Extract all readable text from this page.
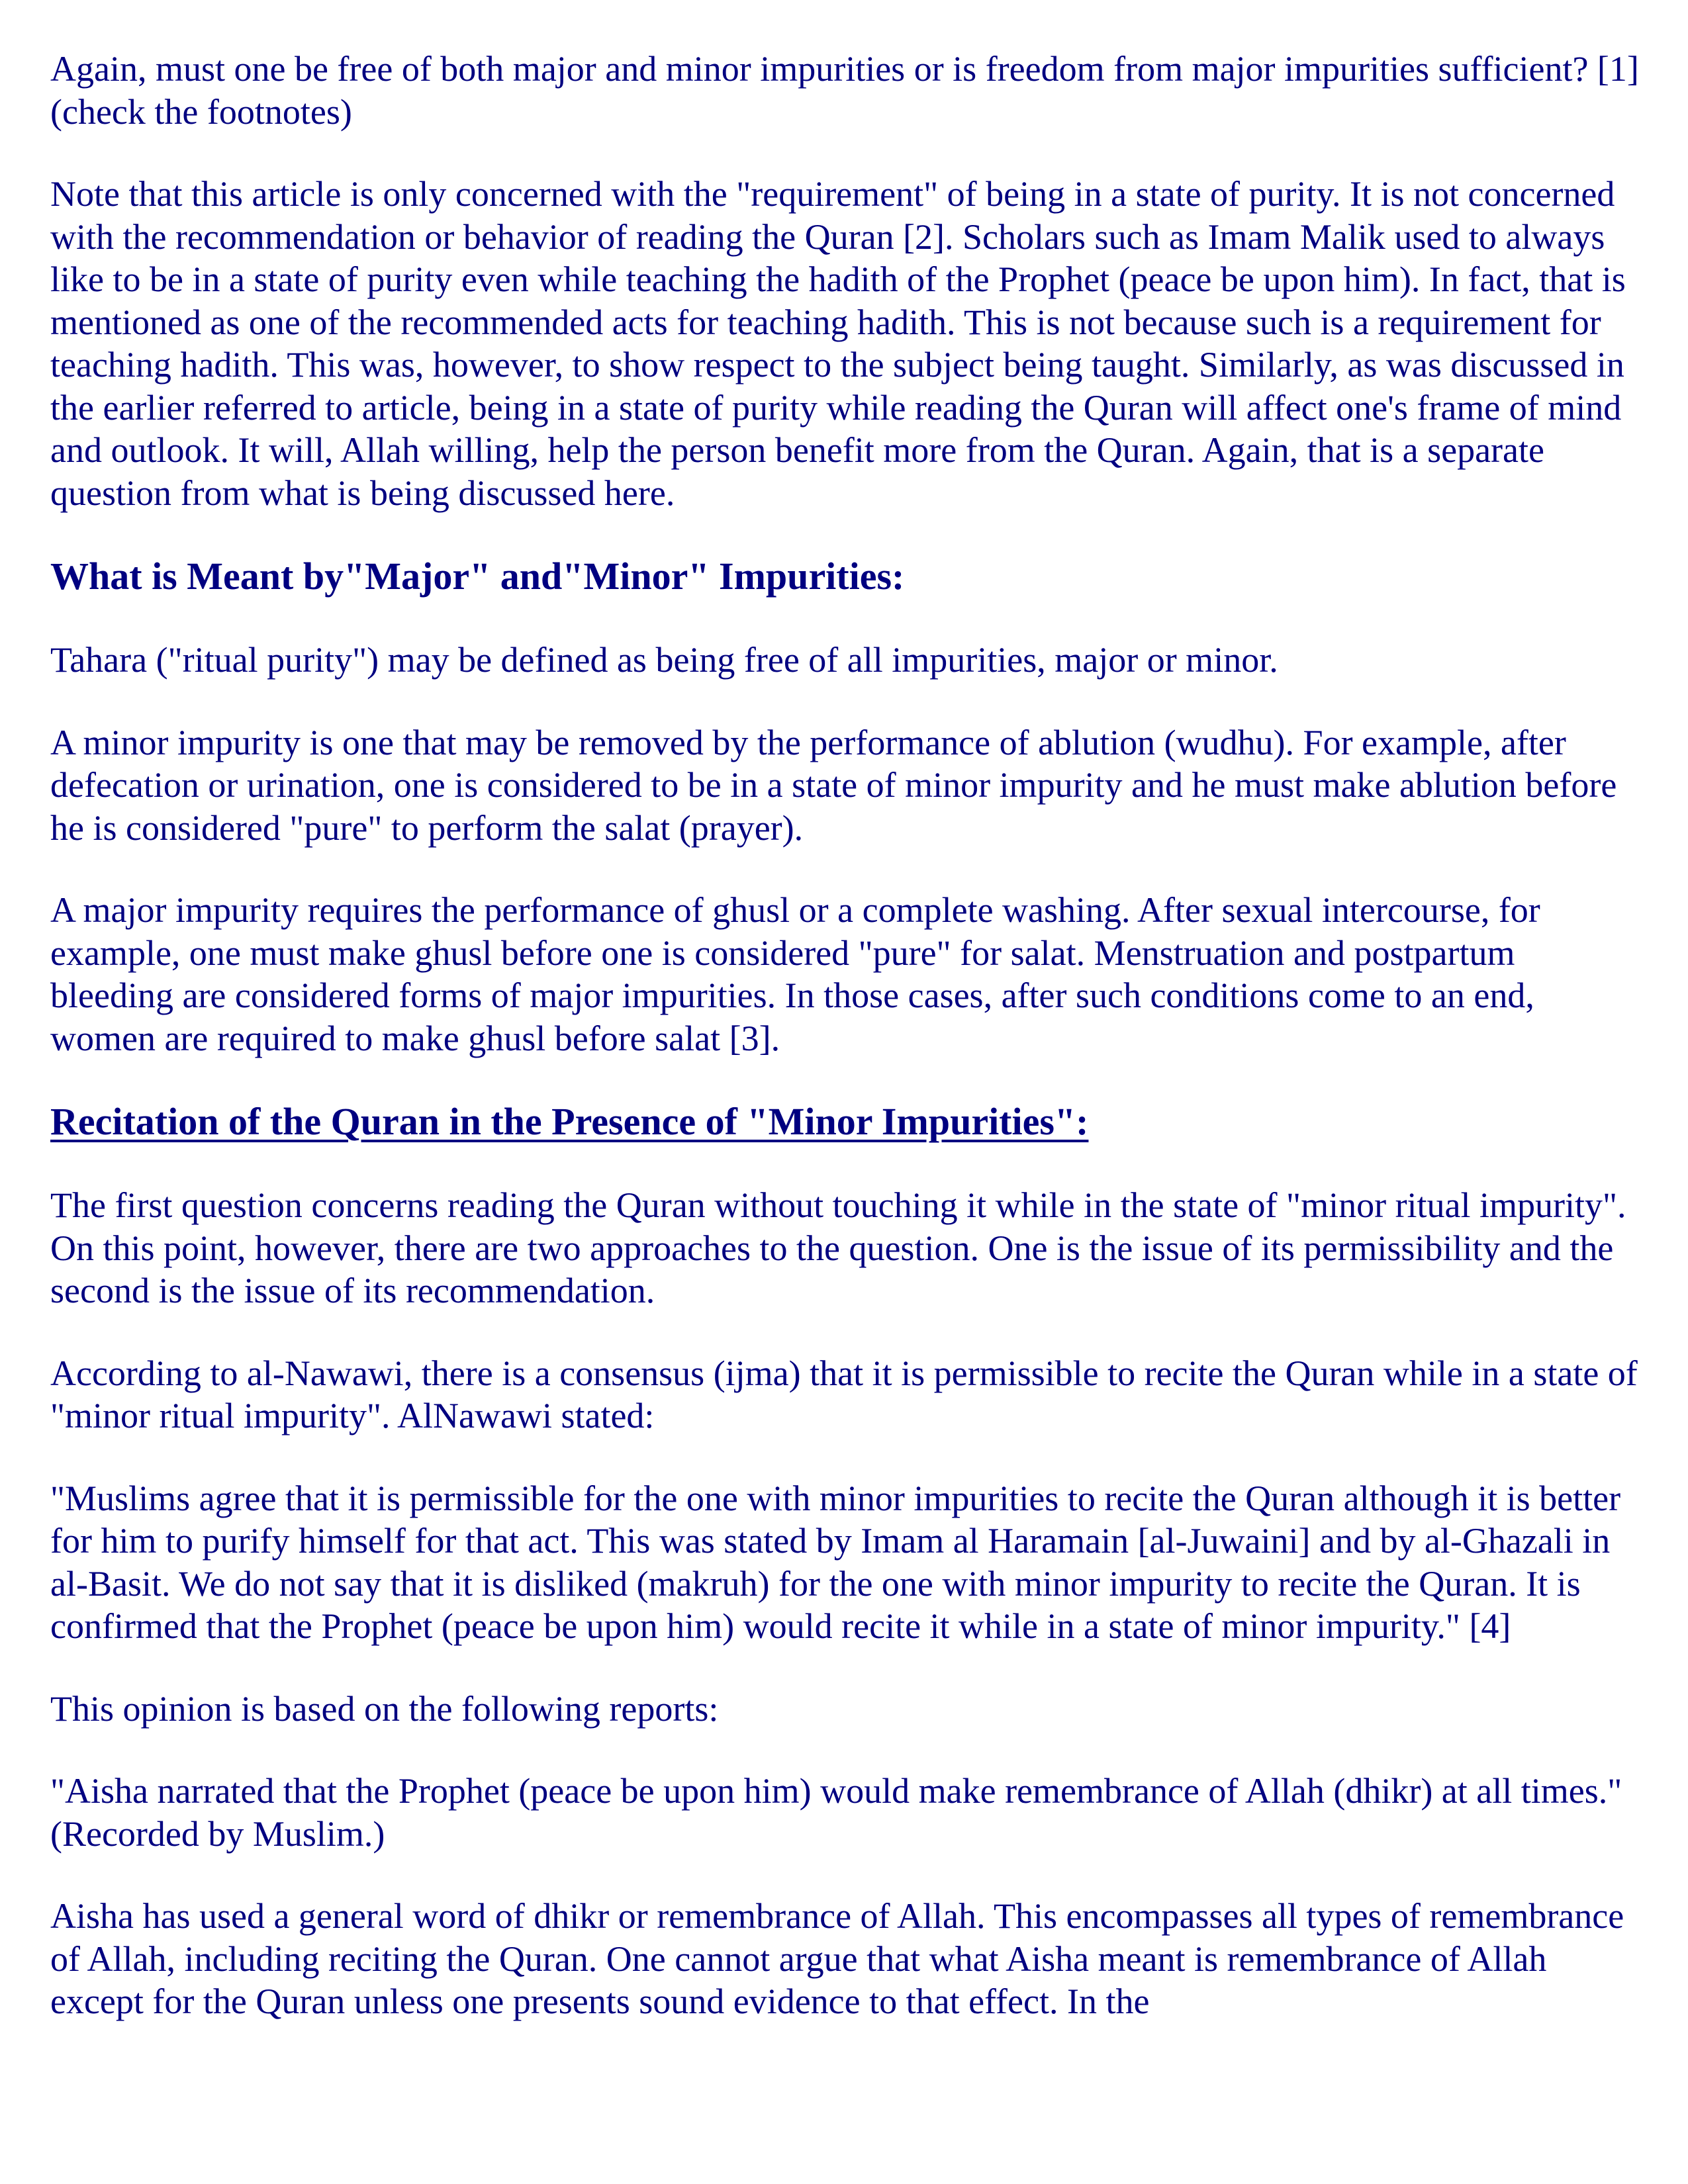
Again, must one be free of both major and minor impurities or is freedom from major impurities sufficient? [1] (check the footnotes)

Note that this article is only concerned with the "requirement" of being in a state of purity. It is not concerned with the recommendation or behavior of reading the Quran [2]. Scholars such as Imam Malik used to always like to be in a state of purity even while teaching the hadith of the Prophet (peace be upon him). In fact, that is mentioned as one of the recommended acts for teaching hadith. This is not because such is a requirement for teaching hadith. This was, however, to show respect to the subject being taught. Similarly, as was discussed in the earlier referred to article, being in a state of purity while reading the Quran will affect one's frame of mind and outlook. It will, Allah willing, help the person benefit more from the Quran. Again, that is a separate question from what is being discussed here.

What is Meant by"Major" and"Minor" Impurities:

Tahara ("ritual purity") may be defined as being free of all impurities, major or minor.

A minor impurity is one that may be removed by the performance of ablution (wudhu). For example, after defecation or urination, one is considered to be in a state of minor impurity and he must make ablution before he is considered "pure" to perform the salat (prayer).

A major impurity requires the performance of ghusl or a complete washing. After sexual intercourse, for example, one must make ghusl before one is considered "pure" for salat. Menstruation and postpartum bleeding are considered forms of major impurities. In those cases, after such conditions come to an end, women are required to make ghusl before salat [3].

Recitation of the Quran in the Presence of "Minor Impurities":

The first question concerns reading the Quran without touching it while in the state of "minor ritual impurity". On this point, however, there are two approaches to the question. One is the issue of its permissibility and the second is the issue of its recommendation.

According to al-Nawawi, there is a consensus (ijma) that it is permissible to recite the Quran while in a state of "minor ritual impurity". AlNawawi stated:

"Muslims agree that it is permissible for the one with minor impurities to recite the Quran although it is better for him to purify himself for that act. This was stated by Imam al Haramain [al-Juwaini] and by al-Ghazali in al-Basit. We do not say that it is disliked (makruh) for the one with minor impurity to recite the Quran. It is confirmed that the Prophet (peace be upon him) would recite it while in a state of minor impurity." [4]

This opinion is based on the following reports:

"Aisha narrated that the Prophet (peace be upon him) would make remembrance of Allah (dhikr) at all times." (Recorded by Muslim.)

Aisha has used a general word of dhikr or remembrance of Allah. This encompasses all types of remembrance of Allah, including reciting the Quran. One cannot argue that what Aisha meant is remembrance of Allah except for the Quran unless one presents sound evidence to that effect. In the
